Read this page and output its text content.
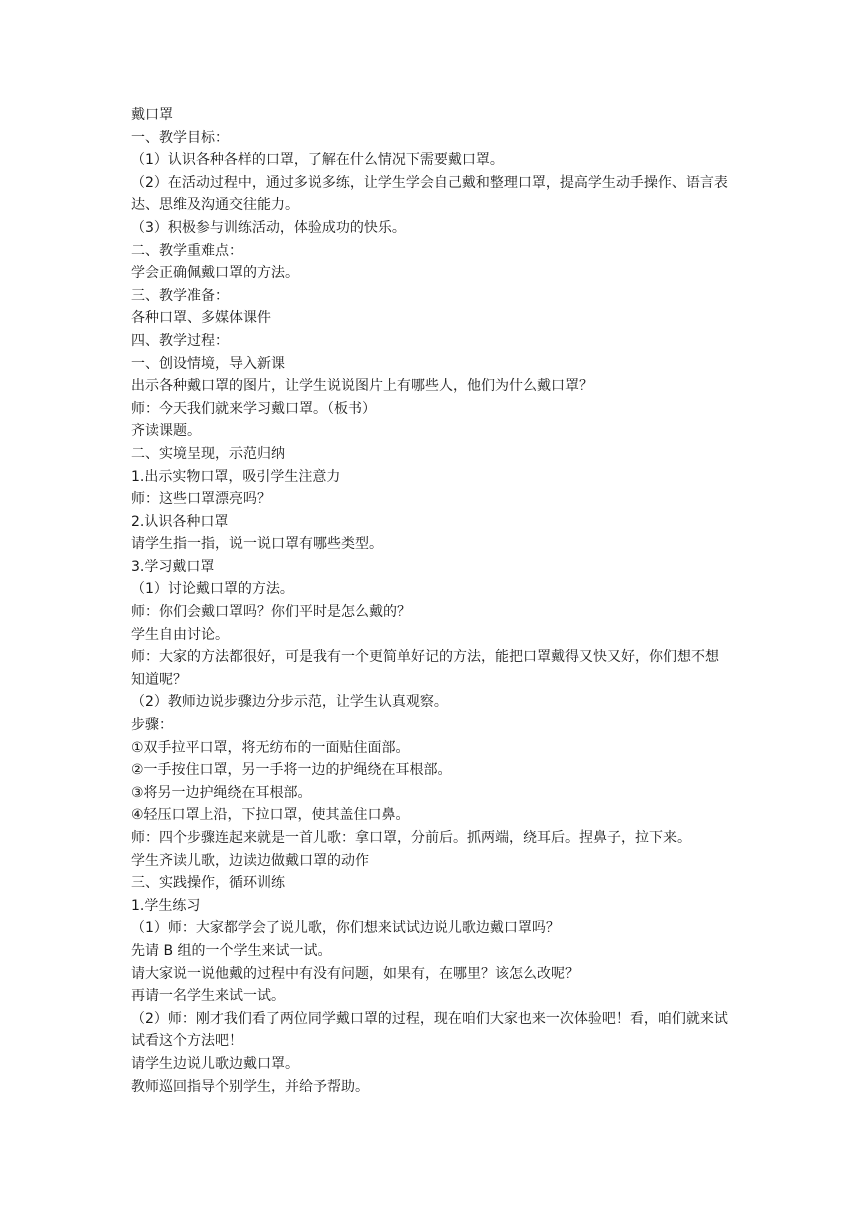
戴口罩

一、教学目标：

（1）认识各种各样的口罩，了解在什么情况下需要戴口罩。

（2）在活动过程中，通过多说多练，让学生学会自己戴和整理口罩，提高学生动手操作、语言表达、思维及沟通交往能力。

（3）积极参与训练活动，体验成功的快乐。

二、教学重难点：

学会正确佩戴口罩的方法。

三、教学准备：

各种口罩、多媒体课件

四、教学过程：

一、创设情境，导入新课

出示各种戴口罩的图片，让学生说说图片上有哪些人，他们为什么戴口罩？

师：今天我们就来学习戴口罩。（板书）

齐读课题。

二、实境呈现，示范归纳

1.出示实物口罩，吸引学生注意力

师：这些口罩漂亮吗？

2.认识各种口罩

请学生指一指，说一说口罩有哪些类型。

3.学习戴口罩

（1）讨论戴口罩的方法。

师：你们会戴口罩吗？你们平时是怎么戴的？

学生自由讨论。

师：大家的方法都很好，可是我有一个更简单好记的方法，能把口罩戴得又快又好，你们想不想知道呢？

（2）教师边说步骤边分步示范，让学生认真观察。

步骤：

①双手拉平口罩，将无纺布的一面贴住面部。

②一手按住口罩，另一手将一边的护绳绕在耳根部。

③将另一边护绳绕在耳根部。

④轻压口罩上沿，下拉口罩，使其盖住口鼻。

师：四个步骤连起来就是一首儿歌：拿口罩，分前后。抓两端，绕耳后。捏鼻子，拉下来。

学生齐读儿歌，边读边做戴口罩的动作

三、实践操作，循环训练

1.学生练习

（1）师：大家都学会了说儿歌，你们想来试试边说儿歌边戴口罩吗？

先请 B 组的一个学生来试一试。

请大家说一说他戴的过程中有没有问题，如果有，在哪里？该怎么改呢？

再请一名学生来试一试。

（2）师：刚才我们看了两位同学戴口罩的过程，现在咱们大家也来一次体验吧！看，咱们就来试试看这个方法吧！

请学生边说儿歌边戴口罩。

教师巡回指导个别学生，并给予帮助。
